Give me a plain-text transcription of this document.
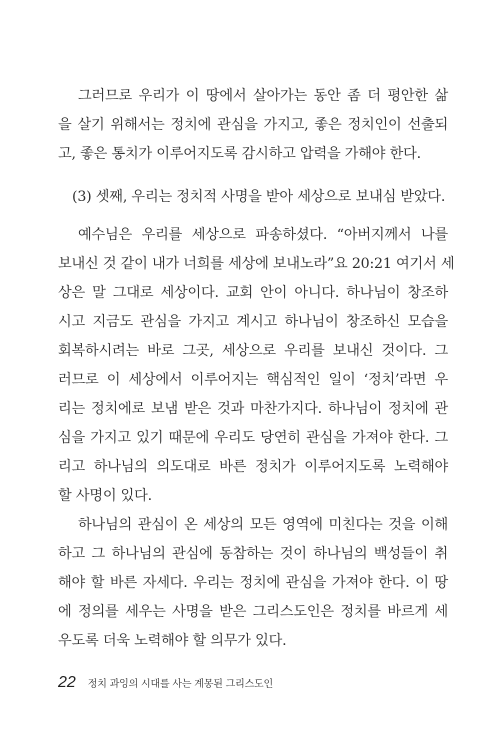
그러므로 우리가 이 땅에서 살아가는 동안 좀 더 평안한 삶
을 살기 위해서는 정치에 관심을 가지고, 좋은 정치인이 선출되
고, 좋은 통치가 이루어지도록 감시하고 압력을 가해야 한다.
(3) 셋째, 우리는 정치적 사명을 받아 세상으로 보내심 받았다.
예수님은 우리를 세상으로 파송하셨다. “아버지께서 나를
보내신 것 같이 내가 너희를 세상에 보내노라”요 20:21 여기서 세
상은 말 그대로 세상이다. 교회 안이 아니다. 하나님이 창조하
시고 지금도 관심을 가지고 계시고 하나님이 창조하신 모습을
회복하시려는 바로 그곳, 세상으로 우리를 보내신 것이다. 그
러므로 이 세상에서 이루어지는 핵심적인 일이 ‘정치’라면 우
리는 정치에로 보냄 받은 것과 마찬가지다. 하나님이 정치에 관
심을 가지고 있기 때문에 우리도 당연히 관심을 가져야 한다. 그
리고 하나님의 의도대로 바른 정치가 이루어지도록 노력해야
할 사명이 있다.
하나님의 관심이 온 세상의 모든 영역에 미친다는 것을 이해
하고 그 하나님의 관심에 동참하는 것이 하나님의 백성들이 취
해야 할 바른 자세다. 우리는 정치에 관심을 가져야 한다. 이 땅
에 정의를 세우는 사명을 받은 그리스도인은 정치를 바르게 세
우도록 더욱 노력해야 할 의무가 있다.
22 정치 과잉의 시대를 사는 계몽된 그리스도인
